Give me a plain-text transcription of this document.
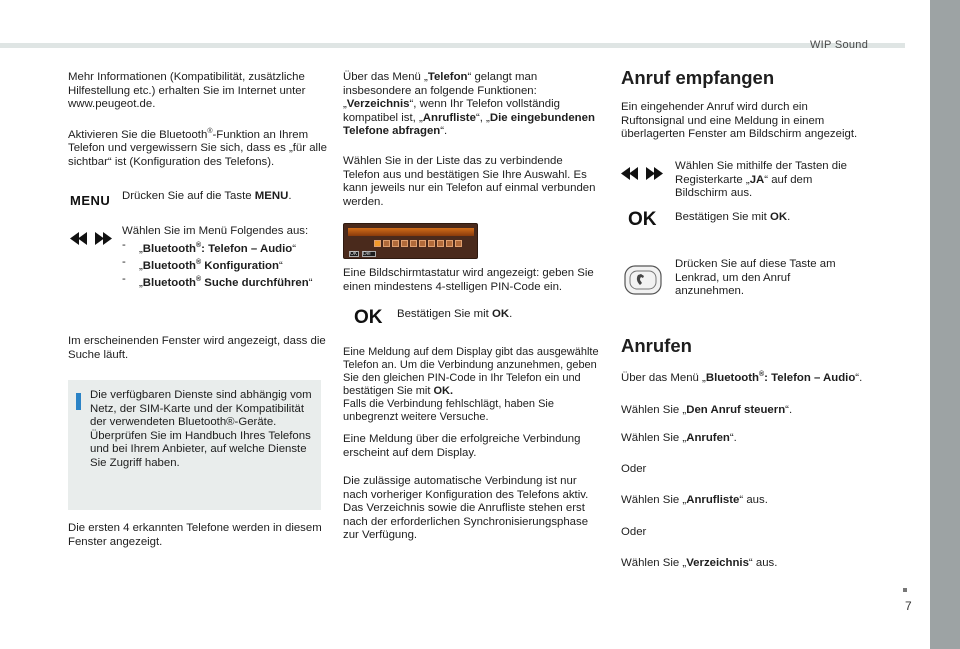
WIP Sound
7

Mehr Informationen (Kompatibilität, zusätzliche Hilfestellung etc.) erhalten Sie im Internet unter www.peugeot.de.

Aktivieren Sie die Bluetooth®-Funktion an Ihrem Telefon und vergewissern Sie sich, dass es „für alle sichtbar“ ist (Konfiguration des Telefons).

MENU Drücken Sie auf die Taste MENU.

Wählen Sie im Menü Folgendes aus:

- „Bluetooth®: Telefon – Audio“
- „Bluetooth® Konfiguration“
- „Bluetooth® Suche durchführen“

Im erscheinenden Fenster wird angezeigt, dass die Suche läuft.

Die verfügbaren Dienste sind abhängig vom Netz, der SIM-Karte und der Kompatibilität der verwendeten Bluetooth®-Geräte.
Überprüfen Sie im Handbuch Ihres Telefons und bei Ihrem Anbieter, auf welche Dienste Sie Zugriff haben.

Die ersten 4 erkannten Telefone werden in diesem Fenster angezeigt.

Über das Menü „Telefon“ gelangt man insbesondere an folgende Funktionen: „Verzeichnis“, wenn Ihr Telefon vollständig kompatibel ist, „Anrufliste“, „Die eingebundenen Telefone abfragen“.

Wählen Sie in der Liste das zu verbindende Telefon aus und bestätigen Sie Ihre Auswahl. Es kann jeweils nur ein Telefon auf einmal verbunden werden.

OK	Del

Eine Bildschirmtastatur wird angezeigt: geben Sie einen mindestens 4-stelligen PIN-Code ein.

OK Bestätigen Sie mit OK.

Eine Meldung auf dem Display gibt das ausgewählte Telefon an. Um die Verbindung anzunehmen, geben Sie den gleichen PIN-Code in Ihr Telefon ein und bestätigen Sie mit OK.
Falls die Verbindung fehlschlägt, haben Sie unbegrenzt weitere Versuche.

Eine Meldung über die erfolgreiche Verbindung erscheint auf dem Display.

Die zulässige automatische Verbindung ist nur nach vorheriger Konfiguration des Telefons aktiv.
Das Verzeichnis sowie die Anrufliste stehen erst nach der erforderlichen Synchronisierungsphase zur Verfügung.

Anruf empfangen

Ein eingehender Anruf wird durch ein Ruftonsignal und eine Meldung in einem überlagerten Fenster am Bildschirm angezeigt.

Wählen Sie mithilfe der Tasten die Registerkarte „JA“ auf dem Bildschirm aus.

OK Bestätigen Sie mit OK.

Drücken Sie auf diese Taste am Lenkrad, um den Anruf anzunehmen.

Anrufen

Über das Menü „Bluetooth®: Telefon – Audio“.

Wählen Sie „Den Anruf steuern“.

Wählen Sie „Anrufen“.

Oder

Wählen Sie „Anrufliste“ aus.

Oder

Wählen Sie „Verzeichnis“ aus.
